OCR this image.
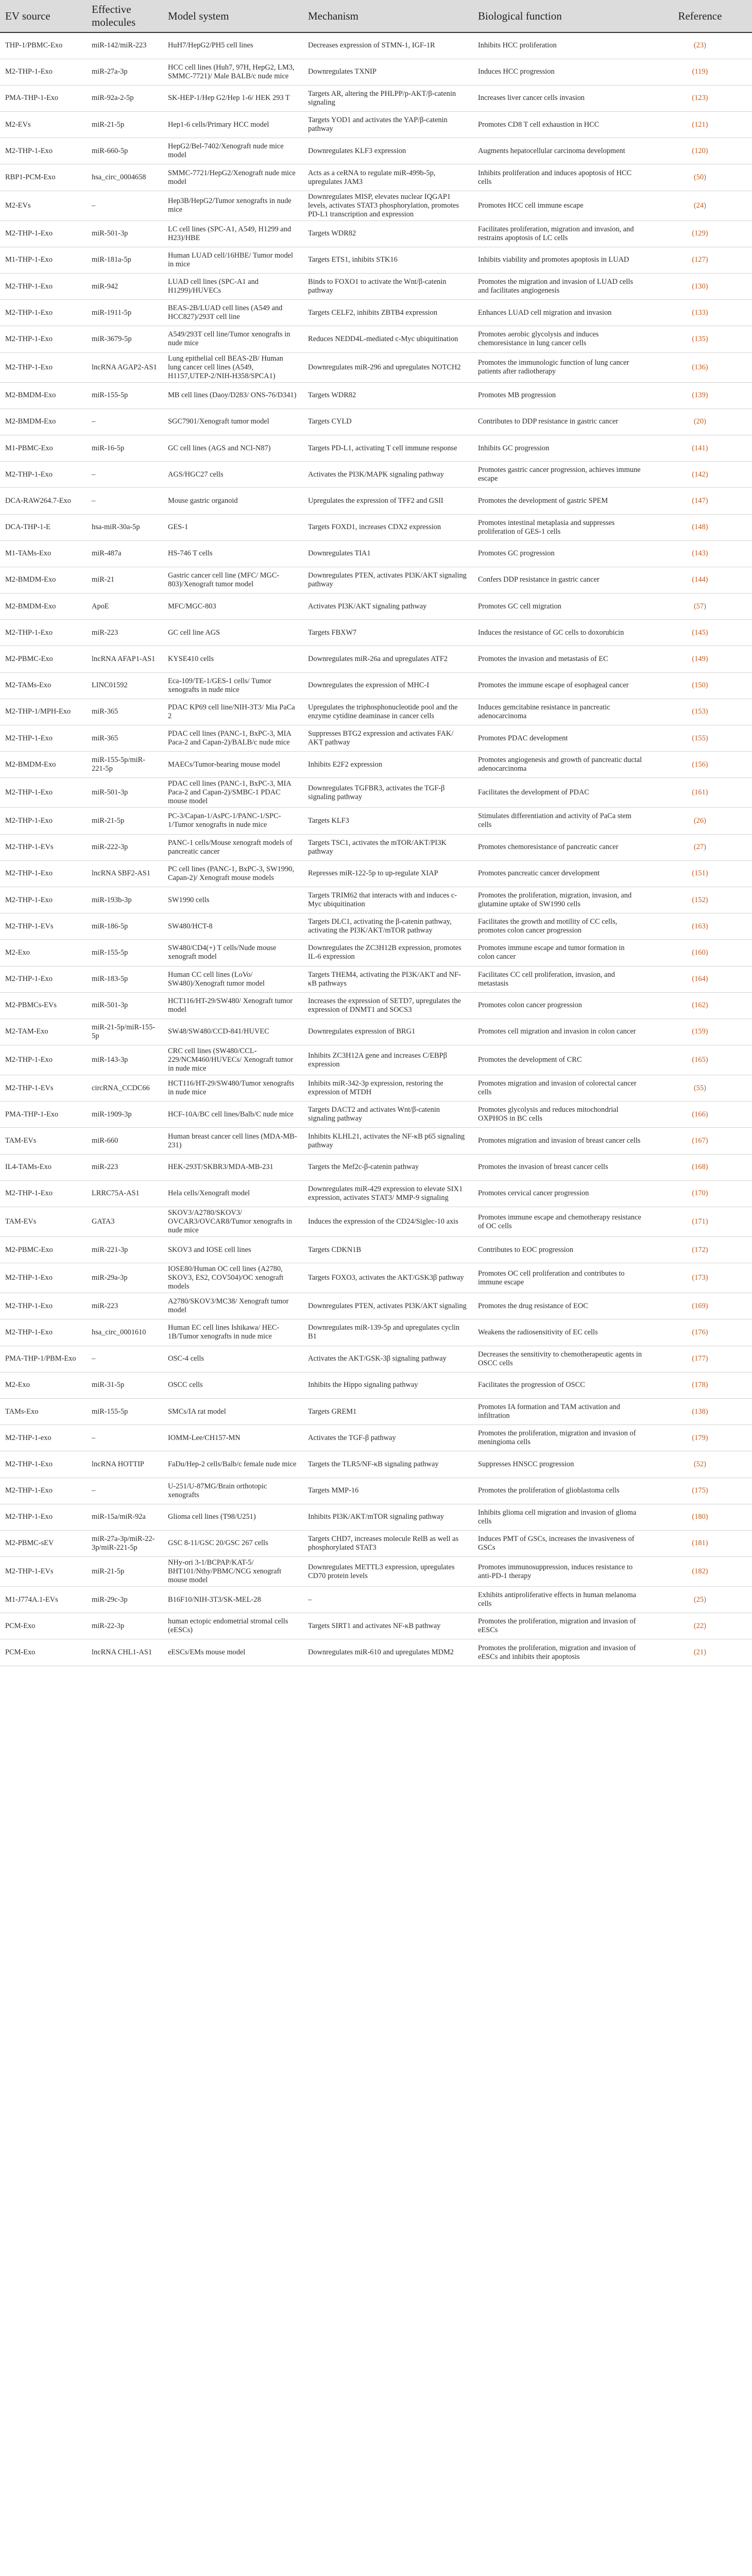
EV source	Effective molecules	Model system	Mechanism	Biological function	Reference
THP-1/PBMC-Exo	miR-142/miR-223	HuH7/HepG2/PH5 cell lines	Decreases expression of STMN-1, IGF-1R	Inhibits HCC proliferation	(23)
M2-THP-1-Exo	miR-27a-3p	HCC cell lines (Huh7, 97H, HepG2, LM3, SMMC-7721)/ Male BALB/c nude mice	Downregulates TXNIP	Induces HCC progression	(119)
PMA-THP-1-Exo	miR-92a-2-5p	SK-HEP-1/Hep G2/Hep 1-6/ HEK 293 T	Targets AR, altering the PHLPP/p-AKT/β-catenin signaling	Increases liver cancer cells invasion	(123)
M2-EVs	miR-21-5p	Hep1-6 cells/Primary HCC model	Targets YOD1 and activates the YAP/β-catenin pathway	Promotes CD8 T cell exhaustion in HCC	(121)
M2-THP-1-Exo	miR-660-5p	HepG2/Bel-7402/Xenograft nude mice model	Downregulates KLF3 expression	Augments hepatocellular carcinoma development	(120)
RBP1-PCM-Exo	hsa_circ_0004658	SMMC-7721/HepG2/Xenograft nude mice model	Acts as a ceRNA to regulate miR-499b-5p, upregulates JAM3	Inhibits proliferation and induces apoptosis of HCC cells	(50)
M2-EVs	–	Hep3B/HepG2/Tumor xenografts in nude mice	Downregulates MISP, elevates nuclear IQGAP1 levels, activates STAT3 phosphorylation, promotes PD-L1 transcription and expression	Promotes HCC cell immune escape	(24)
M2-THP-1-Exo	miR-501-3p	LC cell lines (SPC-A1, A549, H1299 and H23)/HBE	Targets WDR82	Facilitates proliferation, migration and invasion, and restrains apoptosis of LC cells	(129)
M1-THP-1-Exo	miR-181a-5p	Human LUAD cell/16HBE/ Tumor model in mice	Targets ETS1, inhibits STK16	Inhibits viability and promotes apoptosis in LUAD	(127)
M2-THP-1-Exo	miR-942	LUAD cell lines (SPC-A1 and H1299)/HUVECs	Binds to FOXO1 to activate the Wnt/β-catenin pathway	Promotes the migration and invasion of LUAD cells and facilitates angiogenesis	(130)
M2-THP-1-Exo	miR-1911-5p	BEAS-2B/LUAD cell lines (A549 and HCC827)/293T cell line	Targets CELF2, inhibits ZBTB4 expression	Enhances LUAD cell migration and invasion	(133)
M2-THP-1-Exo	miR-3679-5p	A549/293T cell line/Tumor xenografts in nude mice	Reduces NEDD4L-mediated c-Myc ubiquitination	Promotes aerobic glycolysis and induces chemoresistance in lung cancer cells	(135)
M2-THP-1-Exo	lncRNA AGAP2-AS1	Lung epithelial cell BEAS-2B/ Human lung cancer cell lines (A549, H1157,UTEP-2/NIH-H358/SPCA1)	Downregulates miR-296 and upregulates NOTCH2	Promotes the immunologic function of lung cancer patients after radiotherapy	(136)
M2-BMDM-Exo	miR-155-5p	MB cell lines (Daoy/D283/ ONS-76/D341)	Targets WDR82	Promotes MB progression	(139)
M2-BMDM-Exo	–	SGC7901/Xenograft tumor model	Targets CYLD	Contributes to DDP resistance in gastric cancer	(20)
M1-PBMC-Exo	miR-16-5p	GC cell lines (AGS and NCI-N87)	Targets PD-L1, activating T cell immune response	Inhibits GC progression	(141)
M2-THP-1-Exo	–	AGS/HGC27 cells	Activates the PI3K/MAPK signaling pathway	Promotes gastric cancer progression, achieves immune escape	(142)
DCA-RAW264.7-Exo	–	Mouse gastric organoid	Upregulates the expression of TFF2 and GSII	Promotes the development of gastric SPEM	(147)
DCA-THP-1-E	hsa-miR-30a-5p	GES-1	Targets FOXD1, increases CDX2 expression	Promotes intestinal metaplasia and suppresses proliferation of GES-1 cells	(148)
M1-TAMs-Exo	miR-487a	HS-746 T cells	Downregulates TIA1	Promotes GC progression	(143)
M2-BMDM-Exo	miR-21	Gastric cancer cell line (MFC/ MGC-803)/Xenograft tumor model	Downregulates PTEN, activates PI3K/AKT signaling pathway	Confers DDP resistance in gastric cancer	(144)
M2-BMDM-Exo	ApoE	MFC/MGC-803	Activates PI3K/AKT signaling pathway	Promotes GC cell migration	(57)
M2-THP-1-Exo	miR-223	GC cell line AGS	Targets FBXW7	Induces the resistance of GC cells to doxorubicin	(145)
M2-PBMC-Exo	lncRNA AFAP1-AS1	KYSE410 cells	Downregulates miR-26a and upregulates ATF2	Promotes the invasion and metastasis of EC	(149)
M2-TAMs-Exo	LINC01592	Eca-109/TE-1/GES-1 cells/ Tumor xenografts in nude mice	Downregulates the expression of MHC-I	Promotes the immune escape of esophageal cancer	(150)
M2-THP-1/MPH-Exo	miR-365	PDAC KP69 cell line/NIH-3T3/ Mia PaCa 2	Upregulates the triphosphonucleotide pool and the enzyme cytidine deaminase in cancer cells	Induces gemcitabine resistance in pancreatic adenocarcinoma	(153)
M2-THP-1-Exo	miR-365	PDAC cell lines (PANC-1, BxPC-3, MIA Paca-2 and Capan-2)/BALB/c nude mice	Suppresses BTG2 expression and activates FAK/ AKT pathway	Promotes PDAC development	(155)
M2-BMDM-Exo	miR-155-5p/miR-221-5p	MAECs/Tumor-bearing mouse model	Inhibits E2F2 expression	Promotes angiogenesis and growth of pancreatic ductal adenocarcinoma	(156)
M2-THP-1-Exo	miR-501-3p	PDAC cell lines (PANC-1, BxPC-3, MIA Paca-2 and Capan-2)/SMBC-1 PDAC mouse model	Downregulates TGFBR3, activates the TGF-β signaling pathway	Facilitates the development of PDAC	(161)
M2-THP-1-Exo	miR-21-5p	PC-3/Capan-1/AsPC-1/PANC-1/SPC-1/Tumor xenografts in nude mice	Targets KLF3	Stimulates differentiation and activity of PaCa stem cells	(26)
M2-THP-1-EVs	miR-222-3p	PANC-1 cells/Mouse xenograft models of pancreatic cancer	Targets TSC1, activates the mTOR/AKT/PI3K pathway	Promotes chemoresistance of pancreatic cancer	(27)
M2-THP-1-Exo	lncRNA SBF2-AS1	PC cell lines (PANC-1, BxPC-3, SW1990, Capan-2)/ Xenograft mouse models	Represses miR-122-5p to up-regulate XIAP	Promotes pancreatic cancer development	(151)
M2-THP-1-Exo	miR-193b-3p	SW1990 cells	Targets TRIM62 that interacts with and induces c-Myc ubiquitination	Promotes the proliferation, migration, invasion, and glutamine uptake of SW1990 cells	(152)
M2-THP-1-EVs	miR-186-5p	SW480/HCT-8	Targets DLC1, activating the β-catenin pathway, activating the PI3K/AKT/mTOR pathway	Facilitates the growth and motility of CC cells, promotes colon cancer progression	(163)
M2-Exo	miR-155-5p	SW480/CD4(+) T cells/Nude mouse xenograft model	Downregulates the ZC3H12B expression, promotes IL-6 expression	Promotes immune escape and tumor formation in colon cancer	(160)
M2-THP-1-Exo	miR-183-5p	Human CC cell lines (LoVo/ SW480)/Xenograft tumor model	Targets THEM4, activating the PI3K/AKT and NF-κB pathways	Facilitates CC cell proliferation, invasion, and metastasis	(164)
M2-PBMCs-EVs	miR-501-3p	HCT116/HT-29/SW480/ Xenograft tumor model	Increases the expression of SETD7, upregulates the expression of DNMT1 and SOCS3	Promotes colon cancer progression	(162)
M2-TAM-Exo	miR-21-5p/miR-155-5p	SW48/SW480/CCD-841/HUVEC	Downregulates expression of BRG1	Promotes cell migration and invasion in colon cancer	(159)
M2-THP-1-Exo	miR-143-3p	CRC cell lines (SW480/CCL-229/NCM460/HUVECs/ Xenograft tumor in nude mice	Inhibits ZC3H12A gene and increases C/EBPβ expression	Promotes the development of CRC	(165)
M2-THP-1-EVs	circRNA_CCDC66	HCT116/HT-29/SW480/Tumor xenografts in nude mice	Inhibits miR-342-3p expression, restoring the expression of MTDH	Promotes migration and invasion of colorectal cancer cells	(55)
PMA-THP-1-Exo	miR-1909-3p	HCF-10A/BC cell lines/Balb/C nude mice	Targets DACT2 and activates Wnt/β-catenin signaling pathway	Promotes glycolysis and reduces mitochondrial OXPHOS in BC cells	(166)
TAM-EVs	miR-660	Human breast cancer cell lines (MDA-MB-231)	Inhibits KLHL21, activates the NF-κB p65 signaling pathway	Promotes migration and invasion of breast cancer cells	(167)
IL4-TAMs-Exo	miR-223	HEK-293T/SKBR3/MDA-MB-231	Targets the Mef2c-β-catenin pathway	Promotes the invasion of breast cancer cells	(168)
M2-THP-1-Exo	LRRC75A-AS1	Hela cells/Xenograft model	Downregulates miR-429 expression to elevate SIX1 expression, activates STAT3/ MMP-9 signaling	Promotes cervical cancer progression	(170)
TAM-EVs	GATA3	SKOV3/A2780/SKOV3/ OVCAR3/OVCAR8/Tumor xenografts in nude mice	Induces the expression of the CD24/Siglec-10 axis	Promotes immune escape and chemotherapy resistance of OC cells	(171)
M2-PBMC-Exo	miR-221-3p	SKOV3 and IOSE cell lines	Targets CDKN1B	Contributes to EOC progression	(172)
M2-THP-1-Exo	miR-29a-3p	IOSE80/Human OC cell lines (A2780, SKOV3, ES2, COV504)/OC xenograft models	Targets FOXO3, activates the AKT/GSK3β pathway	Promotes OC cell proliferation and contributes to immune escape	(173)
M2-THP-1-Exo	miR-223	A2780/SKOV3/MC38/ Xenograft tumor model	Downregulates PTEN, activates PI3K/AKT signaling	Promotes the drug resistance of EOC	(169)
M2-THP-1-Exo	hsa_circ_0001610	Human EC cell lines Ishikawa/ HEC-1B/Tumor xenografts in nude mice	Downregulates miR-139-5p and upregulates cyclin B1	Weakens the radiosensitivity of EC cells	(176)
PMA-THP-1/PBM-Exo	–	OSC-4 cells	Activates the AKT/GSK-3β signaling pathway	Decreases the sensitivity to chemotherapeutic agents in OSCC cells	(177)
M2-Exo	miR-31-5p	OSCC cells	Inhibits the Hippo signaling pathway	Facilitates the progression of OSCC	(178)
TAMs-Exo	miR-155-5p	SMCs/IA rat model	Targets GREM1	Promotes IA formation and TAM activation and infiltration	(138)
M2-THP-1-exo	–	IOMM-Lee/CH157-MN	Activates the TGF-β pathway	Promotes the proliferation, migration and invasion of meningioma cells	(179)
M2-THP-1-Exo	lncRNA HOTTIP	FaDu/Hep-2 cells/Balb/c female nude mice	Targets the TLR5/NF-κB signaling pathway	Suppresses HNSCC progression	(52)
M2-THP-1-Exo	–	U-251/U-87MG/Brain orthotopic xenografts	Targets MMP-16	Promotes the proliferation of glioblastoma cells	(175)
M2-THP-1-Exo	miR-15a/miR-92a	Glioma cell lines (T98/U251)	Inhibits PI3K/AKT/mTOR signaling pathway	Inhibits glioma cell migration and invasion of glioma cells	(180)
M2-PBMC-sEV	miR-27a-3p/miR-22-3p/miR-221-5p	GSC 8-11/GSC 20/GSC 267 cells	Targets CHD7, increases molecule RelB as well as phosphorylated STAT3	Induces PMT of GSCs, increases the invasiveness of GSCs	(181)
M2-THP-1-EVs	miR-21-5p	NHy-ori 3-1/BCPAP/KAT-5/ BHT101/Nthy/PBMC/NCG xenograft mouse model	Downregulates METTL3 expression, upregulates CD70 protein levels	Promotes immunosuppression, induces resistance to anti-PD-1 therapy	(182)
M1-J774A.1-EVs	miR-29c-3p	B16F10/NIH-3T3/SK-MEL-28	–	Exhibits antiproliferative effects in human melanoma cells	(25)
PCM-Exo	miR-22-3p	human ectopic endometrial stromal cells (eESCs)	Targets SIRT1 and activates NF-κB pathway	Promotes the proliferation, migration and invasion of eESCs	(22)
PCM-Exo	lncRNA CHL1-AS1	eESCs/EMs mouse model	Downregulates miR-610 and upregulates MDM2	Promotes the proliferation, migration and invasion of eESCs and inhibits their apoptosis	(21)
